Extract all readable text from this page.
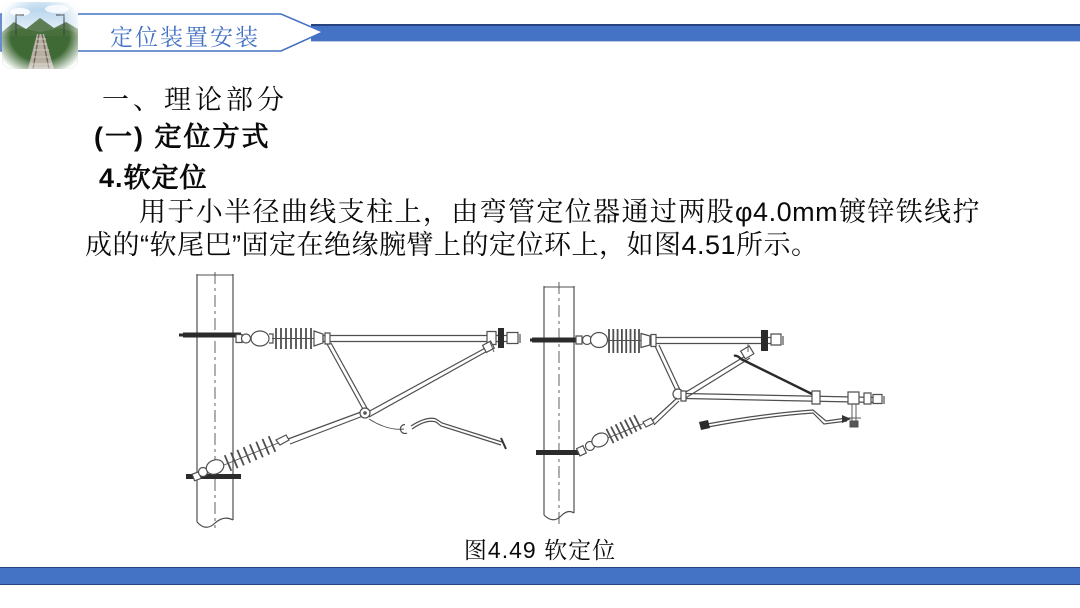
定位装置安装
一、理论部分
(一) 定位方式
4.软定位
用于小半径曲线支柱上，由弯管定位器通过两股φ4.0mm镀锌铁线拧成的“软尾巴”固定在绝缘腕臂上的定位环上，如图4.51所示。
图4.49 软定位
